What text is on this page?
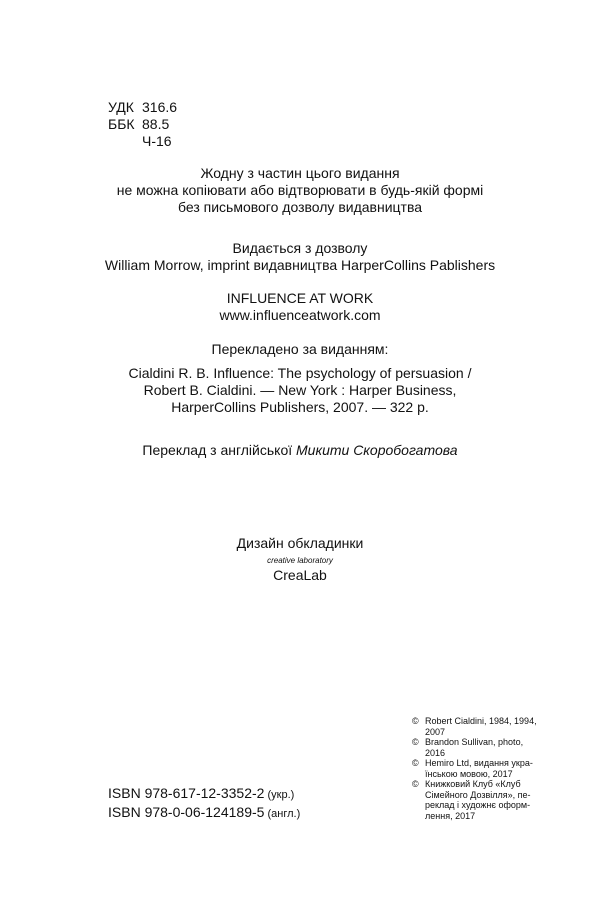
УДК 316.6
ББК 88.5
Ч-16
Жодну з частин цього видання
не можна копіювати або відтворювати в будь-якій формі
без письмового дозволу видавництва
Видається з дозволу
William Morrow, imprint видавництва HarperCollins Pablishers
INFLUENCE AT WORK
www.influenceatwork.com
Перекладено за виданням:
Cialdini R. B. Influence: The psychology of persuasion /
Robert B. Cialdini. — New York : Harper Business,
HarperCollins Publishers, 2007. — 322 p.
Переклад з англійської Микити Скоробогатова
Дизайн обкладинки
creative laboratory
CreaLab
© Robert Cialdini, 1984, 1994,
2007
© Brandon Sullivan, photo,
2016
© Hemiro Ltd, видання укра-
їнською мовою, 2017
© Книжковий Клуб «Клуб
Сімейного Дозвілля», пе-
реклад і художнє оформ-
лення, 2017
ISBN 978-617-12-3352-2 (укр.)
ISBN 978-0-06-124189-5 (англ.)
